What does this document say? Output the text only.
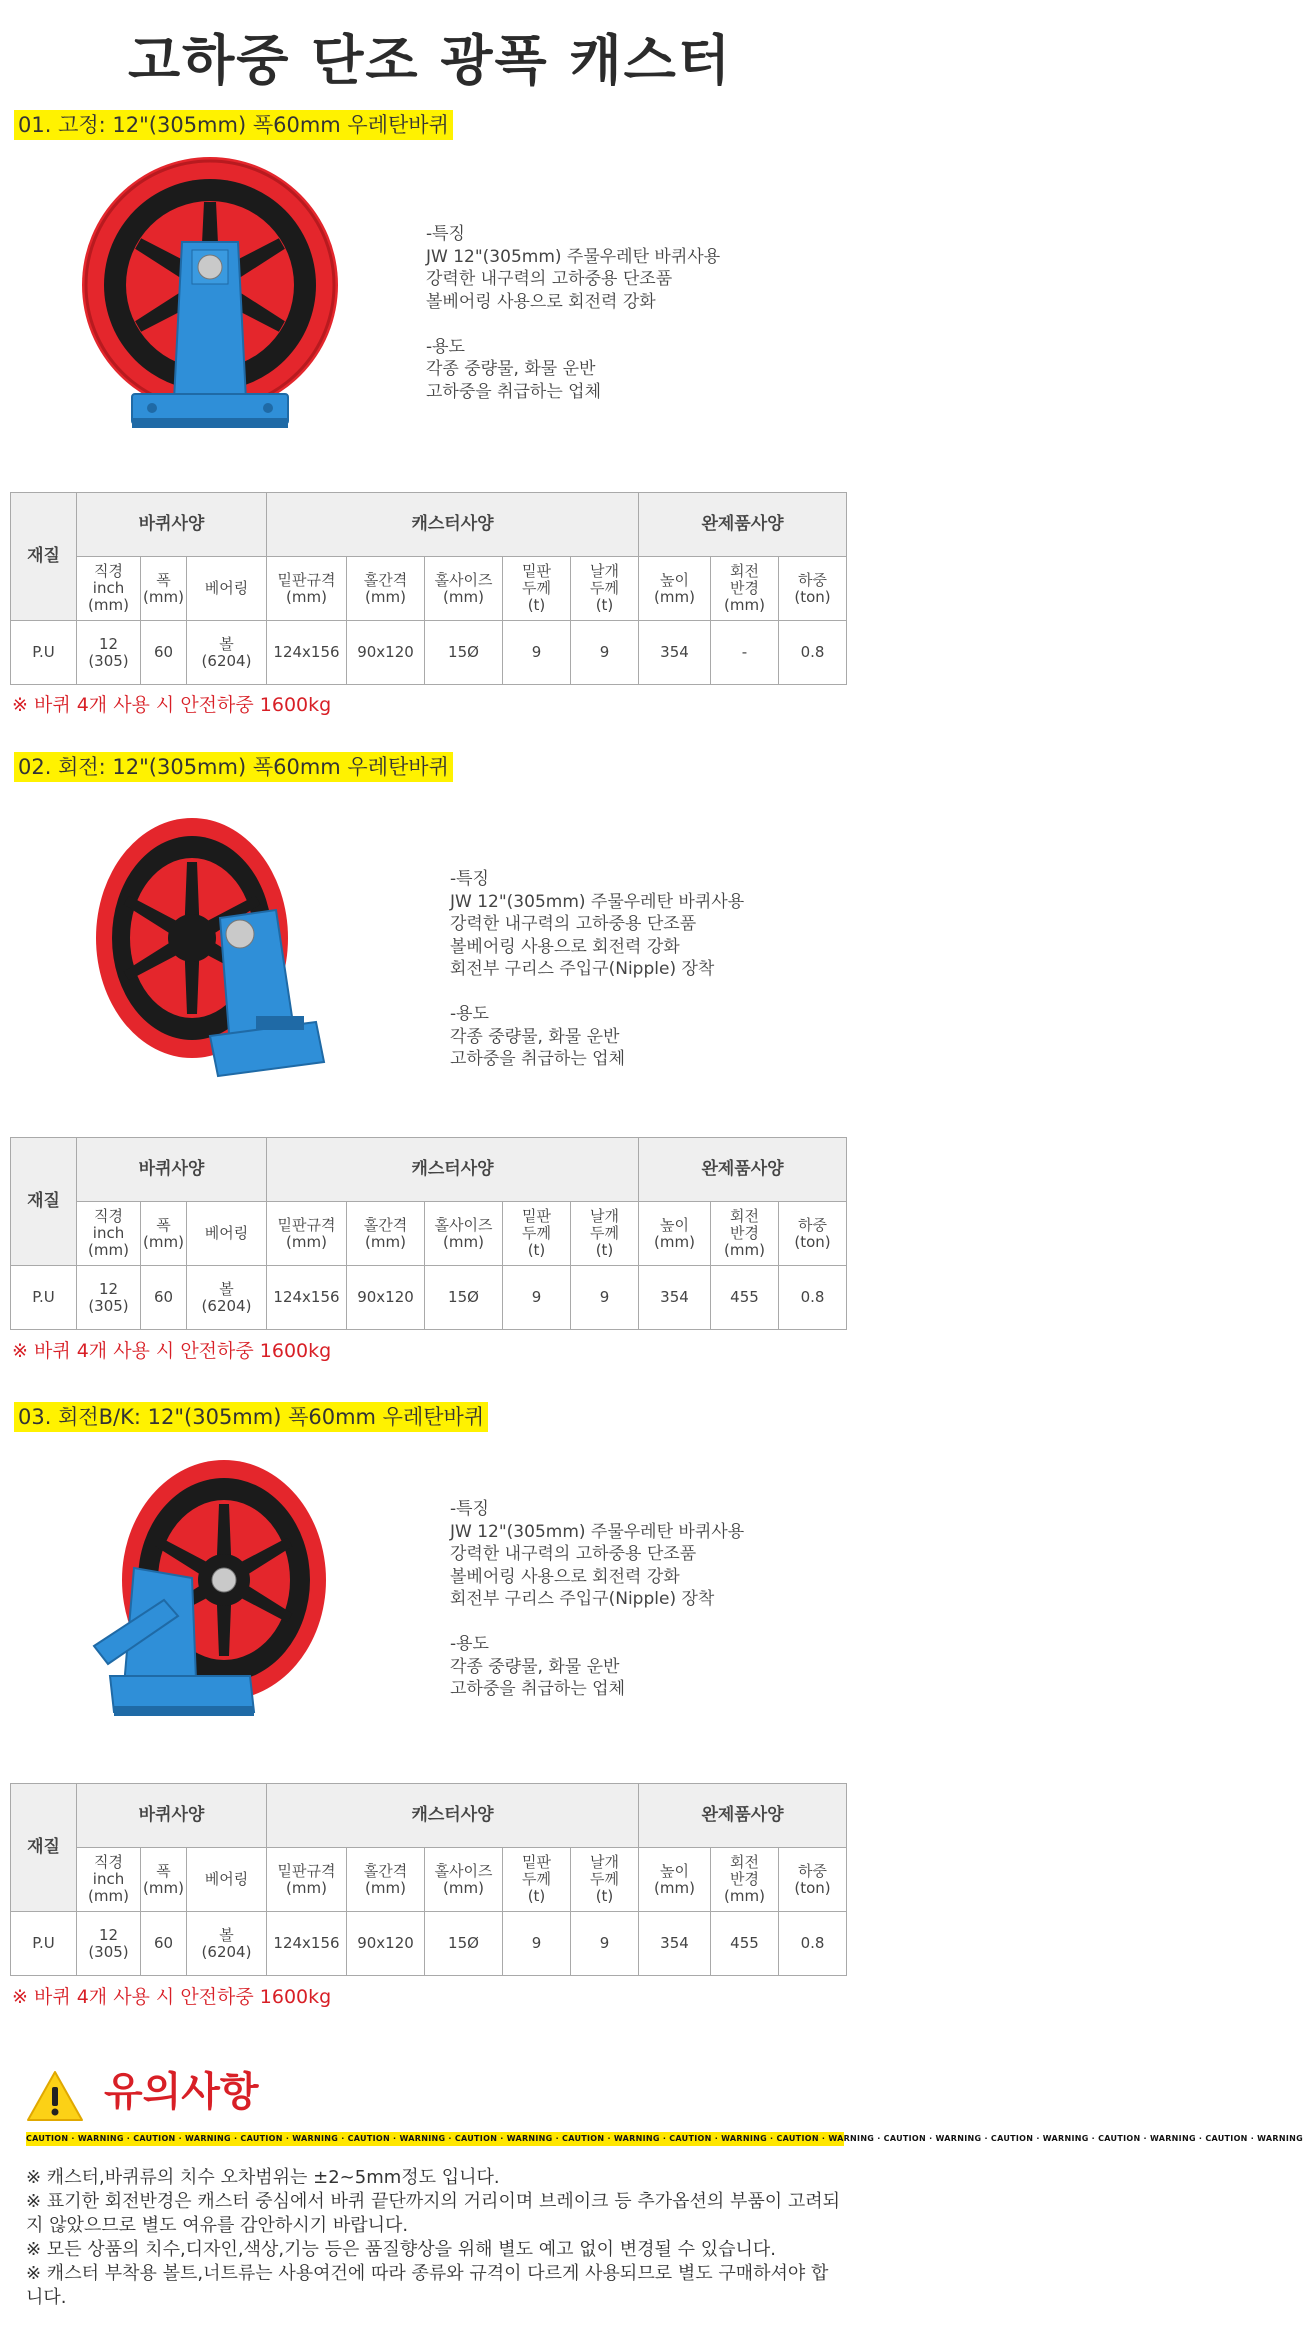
고하중 단조 광폭 캐스터
01. 고정: 12"(305mm) 폭60mm 우레탄바퀴
-특징
JW 12"(305mm) 주물우레탄 바퀴사용
강력한 내구력의 고하중용 단조품
볼베어링 사용으로 회전력 강화
-용도
각종 중량물, 화물 운반
고하중을 취급하는 업체
재질	바퀴사양			캐스터사양					완제품사양		
	직경
inch
(mm)	폭
(mm)	베어링	밑판규격
(mm)	홀간격
(mm)	홀사이즈
(mm)	밑판
두께
(t)	날개
두께
(t)	높이
(mm)	회전
반경
(mm)	하중
(ton)
P.U	12
(305)	60	볼
(6204)	124x156	90x120	15Ø	9	9	354	-	0.8
※ 바퀴 4개 사용 시 안전하중 1600kg
02. 회전: 12"(305mm) 폭60mm 우레탄바퀴
-특징
JW 12"(305mm) 주물우레탄 바퀴사용
강력한 내구력의 고하중용 단조품
볼베어링 사용으로 회전력 강화
회전부 구리스 주입구(Nipple) 장착
-용도
각종 중량물, 화물 운반
고하중을 취급하는 업체
재질	바퀴사양			캐스터사양					완제품사양		
	직경
inch
(mm)	폭
(mm)	베어링	밑판규격
(mm)	홀간격
(mm)	홀사이즈
(mm)	밑판
두께
(t)	날개
두께
(t)	높이
(mm)	회전
반경
(mm)	하중
(ton)
P.U	12
(305)	60	볼
(6204)	124x156	90x120	15Ø	9	9	354	455	0.8
※ 바퀴 4개 사용 시 안전하중 1600kg
03. 회전B/K: 12"(305mm) 폭60mm 우레탄바퀴
-특징
JW 12"(305mm) 주물우레탄 바퀴사용
강력한 내구력의 고하중용 단조품
볼베어링 사용으로 회전력 강화
회전부 구리스 주입구(Nipple) 장착
-용도
각종 중량물, 화물 운반
고하중을 취급하는 업체
재질	바퀴사양			캐스터사양					완제품사양		
	직경
inch
(mm)	폭
(mm)	베어링	밑판규격
(mm)	홀간격
(mm)	홀사이즈
(mm)	밑판
두께
(t)	날개
두께
(t)	높이
(mm)	회전
반경
(mm)	하중
(ton)
P.U	12
(305)	60	볼
(6204)	124x156	90x120	15Ø	9	9	354	455	0.8
※ 바퀴 4개 사용 시 안전하중 1600kg
유의사항
CAUTION · WARNING · CAUTION · WARNING · CAUTION · WARNING · CAUTION · WARNING · CAUTION · WARNING · CAUTION · WARNING · CAUTION · WARNING · CAUTION · WARNING · CAUTION · WARNING · CAUTION · WARNING · CAUTION · WARNING · CAUTION · WARNING
※ 캐스터,바퀴류의 치수 오차범위는 ±2~5mm정도 입니다.
※ 표기한 회전반경은 캐스터 중심에서 바퀴 끝단까지의 거리이며 브레이크 등 추가옵션의 부품이 고려되지 않았으므로 별도 여유를 감안하시기 바랍니다.
※ 모든 상품의 치수,디자인,색상,기능 등은 품질향상을 위해 별도 예고 없이 변경될 수 있습니다.
※ 캐스터 부착용 볼트,너트류는 사용여건에 따라 종류와 규격이 다르게 사용되므로 별도 구매하셔야 합니다.
